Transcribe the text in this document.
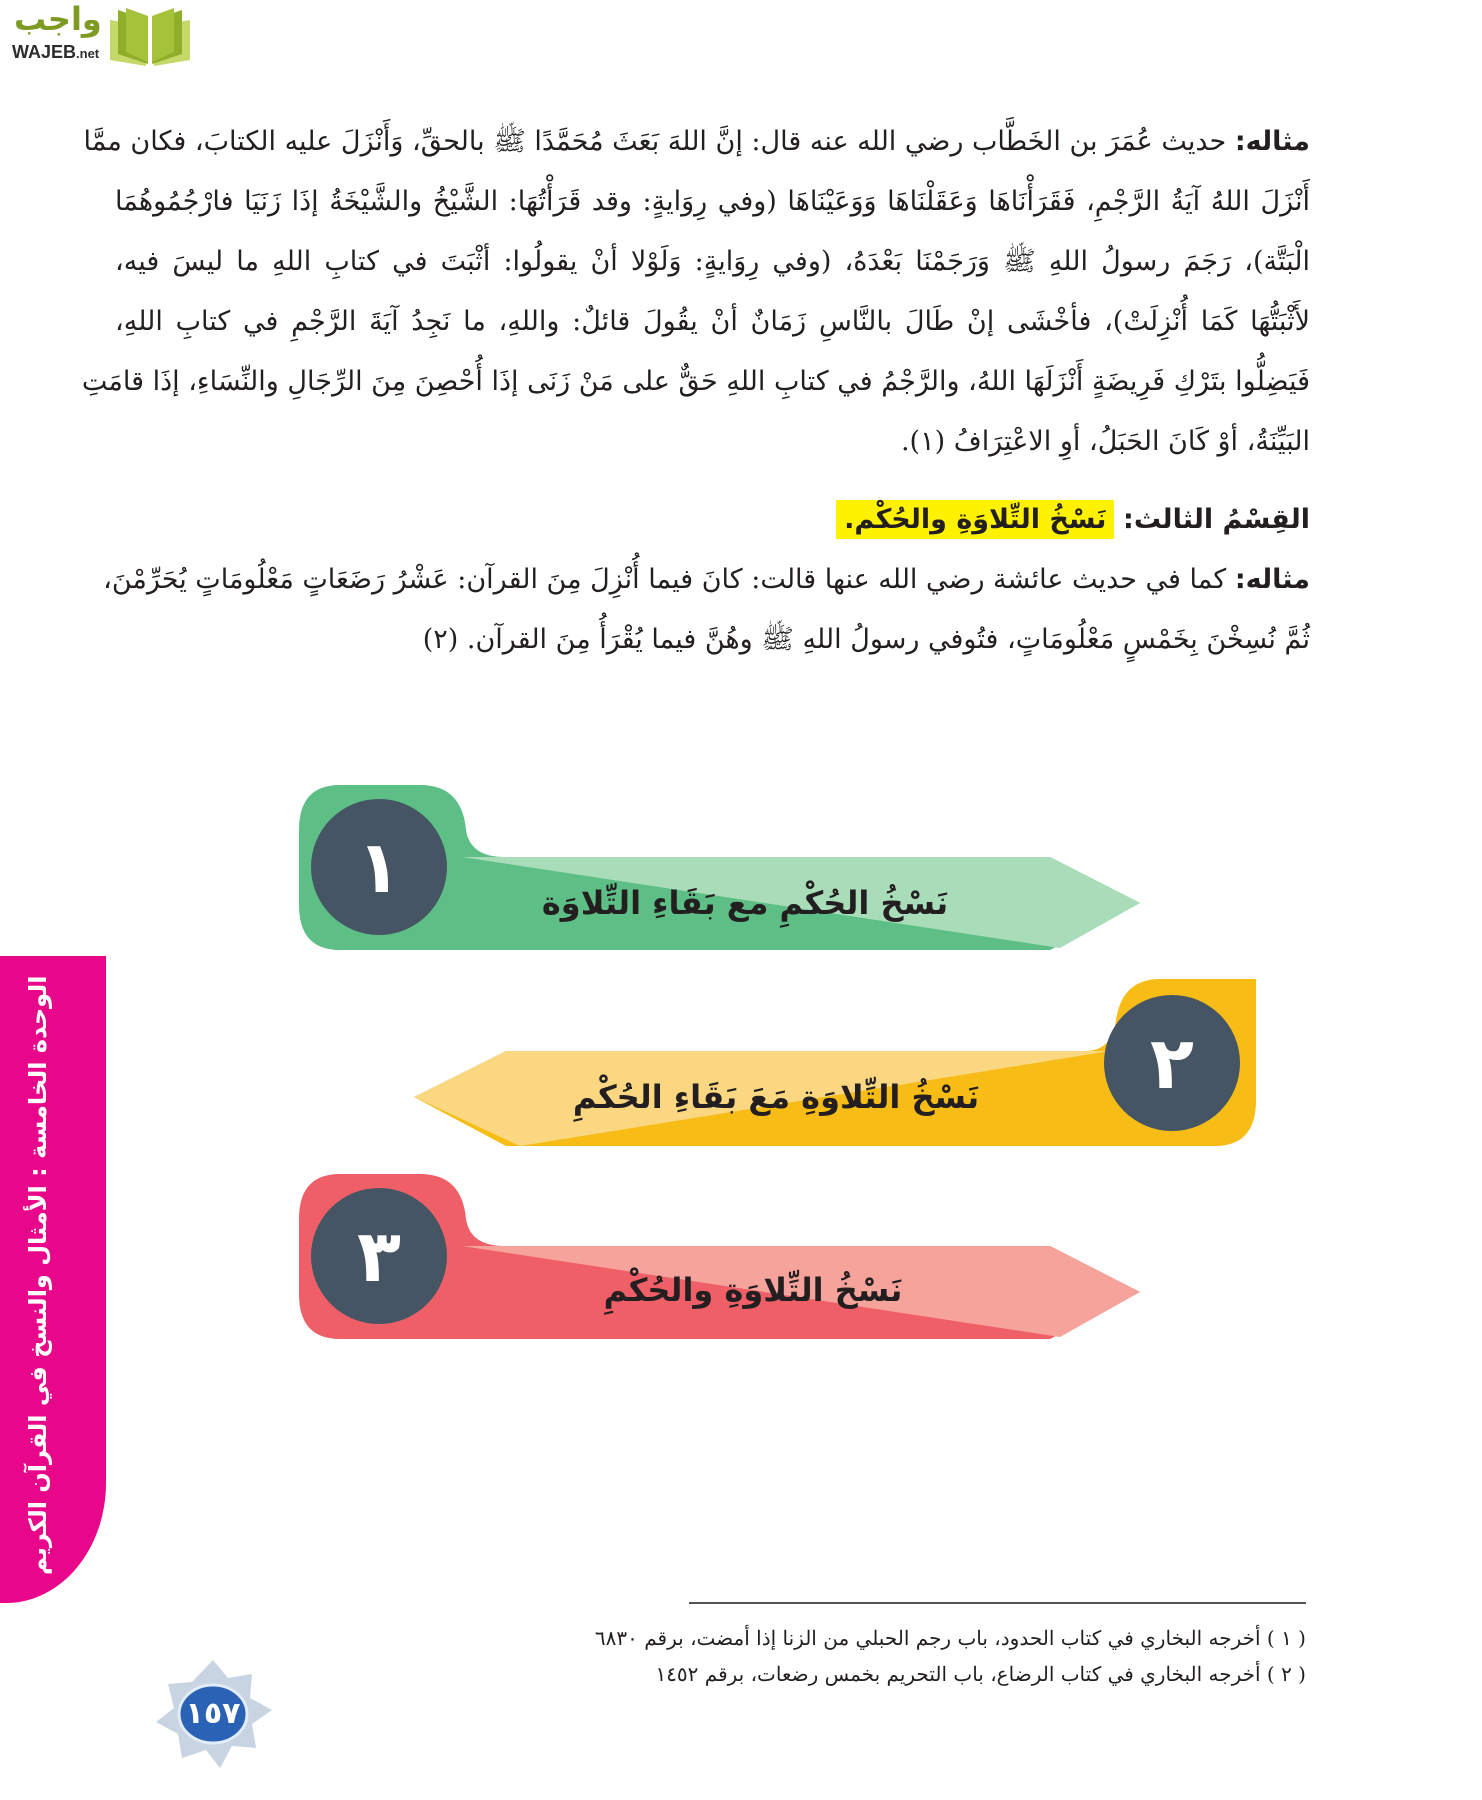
واجب
WAJEB.net
مثاله: حديث عُمَرَ بن الخَطَّاب رضي الله عنه قال: إنَّ اللهَ بَعَثَ مُحَمَّدًا ﷺ بالحقِّ، وَأَنْزَلَ عليه الكتابَ، فكان ممَّا
أَنْزَلَ اللهُ آيَةُ الرَّجْمِ، فَقَرَأْنَاهَا وَعَقَلْنَاهَا وَوَعَيْنَاهَا (وفي رِوَايةٍ: وقد قَرَأْتُهَا: الشَّيْخُ والشَّيْخَةُ إذَا زَنَيَا فارْجُمُوهُمَا
الْبَتَّة)، رَجَمَ رسولُ اللهِ ﷺ وَرَجَمْنَا بَعْدَهُ، (وفي رِوَايةٍ: وَلَوْلا أنْ يقولُوا: أثْبَتَ في كتابِ اللهِ ما ليسَ فيه،
لأَثْبَتُّهَا كَمَا أُنْزِلَتْ)، فأخْشَى إنْ طَالَ بالنَّاسِ زَمَانٌ أنْ يقُولَ قائلٌ: واللهِ، ما نَجِدُ آيَةَ الرَّجْمِ في كتابِ اللهِ،
فَيَضِلُّوا بتَرْكِ فَرِيضَةٍ أَنْزَلَهَا اللهُ، والرَّجْمُ في كتابِ اللهِ حَقٌّ على مَنْ زَنَى إذَا أُحْصِنَ مِنَ الرِّجَالِ والنِّسَاءِ، إذَا قامَتِ
البَيِّنَةُ، أوْ كَانَ الحَبَلُ، أوِ الاعْتِرَافُ (١).
القِسْمُ الثالث: نَسْخُ التِّلاوَةِ والحُكْم.
مثاله: كما في حديث عائشة رضي الله عنها قالت: كانَ فيما أُنْزِلَ مِنَ القرآن: عَشْرُ رَضَعَاتٍ مَعْلُومَاتٍ يُحَرِّمْنَ،
ثُمَّ نُسِخْنَ بِخَمْسٍ مَعْلُومَاتٍ، فتُوفي رسولُ اللهِ ﷺ وهُنَّ فيما يُقْرَأُ مِنَ القرآن. (٢)
١	نَسْخُ الحُكْمِ مع بَقَاءِ التِّلاوَة
٢
نَسْخُ التِّلاوَةِ مَعَ بَقَاءِ الحُكْمِ
٣	نَسْخُ التِّلاوَةِ والحُكْمِ
الوحدة الخامسة : الأمثال والنسخ في القرآن الكريم
( ١ ) أخرجه البخاري في كتاب الحدود، باب رجم الحبلي من الزنا إذا أمضت، برقم ٦٨٣٠
( ٢ ) أخرجه البخاري في كتاب الرضاع، باب التحريم بخمس رضعات، برقم ١٤٥٢
١٥٧
